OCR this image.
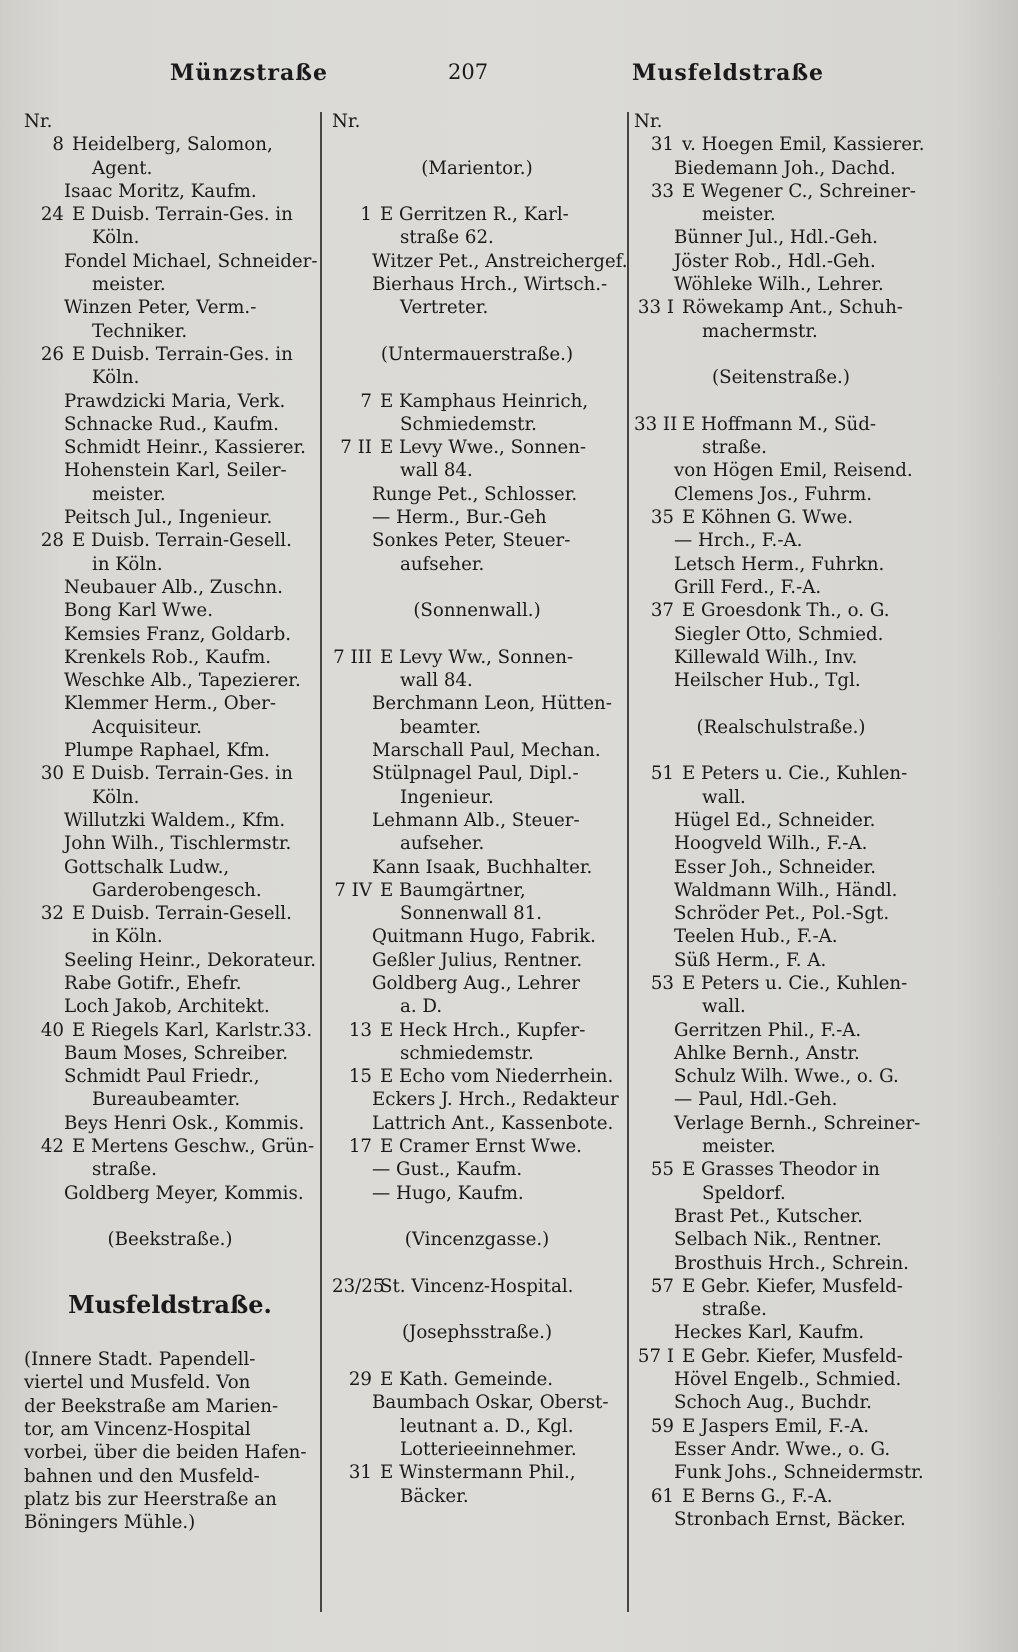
Münzstraße	207	Musfeldstraße
Nr.
8 Heidelberg, Salomon,
Agent.
Isaac Moritz, Kaufm.
24 E Duisb. Terrain-Ges. in
Köln.
Fondel Michael, Schneider-
meister.
Winzen Peter, Verm.-
Techniker.
26 E Duisb. Terrain-Ges. in
Köln.
Prawdzicki Maria, Verk.
Schnacke Rud., Kaufm.
Schmidt Heinr., Kassierer.
Hohenstein Karl, Seiler-
meister.
Peitsch Jul., Ingenieur.
28 E Duisb. Terrain-Gesell.
in Köln.
Neubauer Alb., Zuschn.
Bong Karl Wwe.
Kemsies Franz, Goldarb.
Krenkels Rob., Kaufm.
Weschke Alb., Tapezierer.
Klemmer Herm., Ober-
Acquisiteur.
Plumpe Raphael, Kfm.
30 E Duisb. Terrain-Ges. in
Köln.
Willutzki Waldem., Kfm.
John Wilh., Tischlermstr.
Gottschalk Ludw.,
Garderobengesch.
32 E Duisb. Terrain-Gesell.
in Köln.
Seeling Heinr., Dekorateur.
Rabe Gotifr., Ehefr.
Loch Jakob, Architekt.
40 E Riegels Karl, Karlstr.33.
Baum Moses, Schreiber.
Schmidt Paul Friedr.,
Bureaubeamter.
Beys Henri Osk., Kommis.
42 E Mertens Geschw., Grün-
straße.
Goldberg Meyer, Kommis.
(Beekstraße.)
Musfeldstraße.
(Innere Stadt. Papendell-
viertel und Musfeld. Von
der Beekstraße am Marien-
tor, am Vincenz-Hospital
vorbei, über die beiden Hafen-
bahnen und den Musfeld-
platz bis zur Heerstraße an
Böningers Mühle.)
Nr.
(Marientor.)
1 E Gerritzen R., Karl-
straße 62.
Witzer Pet., Anstreichergef.
Bierhaus Hrch., Wirtsch.-
Vertreter.
(Untermauerstraße.)
7 E Kamphaus Heinrich,
Schmiedemstr.
7 II E Levy Wwe., Sonnen-
wall 84.
Runge Pet., Schlosser.
— Herm., Bur.-Geh
Sonkes Peter, Steuer-
aufseher.
(Sonnenwall.)
7 III E Levy Ww., Sonnen-
wall 84.
Berchmann Leon, Hütten-
beamter.
Marschall Paul, Mechan.
Stülpnagel Paul, Dipl.-
Ingenieur.
Lehmann Alb., Steuer-
aufseher.
Kann Isaak, Buchhalter.
7 IV E Baumgärtner,
Sonnenwall 81.
Quitmann Hugo, Fabrik.
Geßler Julius, Rentner.
Goldberg Aug., Lehrer
a. D.
13 E Heck Hrch., Kupfer-
schmiedemstr.
15 E Echo vom Niederrhein.
Eckers J. Hrch., Redakteur
Lattrich Ant., Kassenbote.
17 E Cramer Ernst Wwe.
— Gust., Kaufm.
— Hugo, Kaufm.
(Vincenzgasse.)
23/25St. Vincenz-Hospital.
(Josephsstraße.)
29 E Kath. Gemeinde.
Baumbach Oskar, Oberst-
leutnant a. D., Kgl.
Lotterieeinnehmer.
31 E Winstermann Phil.,
Bäcker.
Nr.
31 v. Hoegen Emil, Kassierer.
Biedemann Joh., Dachd.
33 E Wegener C., Schreiner-
meister.
Bünner Jul., Hdl.-Geh.
Jöster Rob., Hdl.-Geh.
Wöhleke Wilh., Lehrer.
33 I Röwekamp Ant., Schuh-
machermstr.
(Seitenstraße.)
33 II E Hoffmann M., Süd-
straße.
von Högen Emil, Reisend.
Clemens Jos., Fuhrm.
35 E Köhnen G. Wwe.
— Hrch., F.-A.
Letsch Herm., Fuhrkn.
Grill Ferd., F.-A.
37 E Groesdonk Th., o. G.
Siegler Otto, Schmied.
Killewald Wilh., Inv.
Heilscher Hub., Tgl.
(Realschulstraße.)
51 E Peters u. Cie., Kuhlen-
wall.
Hügel Ed., Schneider.
Hoogveld Wilh., F.-A.
Esser Joh., Schneider.
Waldmann Wilh., Händl.
Schröder Pet., Pol.-Sgt.
Teelen Hub., F.-A.
Süß Herm., F. A.
53 E Peters u. Cie., Kuhlen-
wall.
Gerritzen Phil., F.-A.
Ahlke Bernh., Anstr.
Schulz Wilh. Wwe., o. G.
— Paul, Hdl.-Geh.
Verlage Bernh., Schreiner-
meister.
55 E Grasses Theodor in
Speldorf.
Brast Pet., Kutscher.
Selbach Nik., Rentner.
Brosthuis Hrch., Schrein.
57 E Gebr. Kiefer, Musfeld-
straße.
Heckes Karl, Kaufm.
57 I E Gebr. Kiefer, Musfeld-
Hövel Engelb., Schmied.
Schoch Aug., Buchdr.
59 E Jaspers Emil, F.-A.
Esser Andr. Wwe., o. G.
Funk Johs., Schneidermstr.
61 E Berns G., F.-A.
Stronbach Ernst, Bäcker.
